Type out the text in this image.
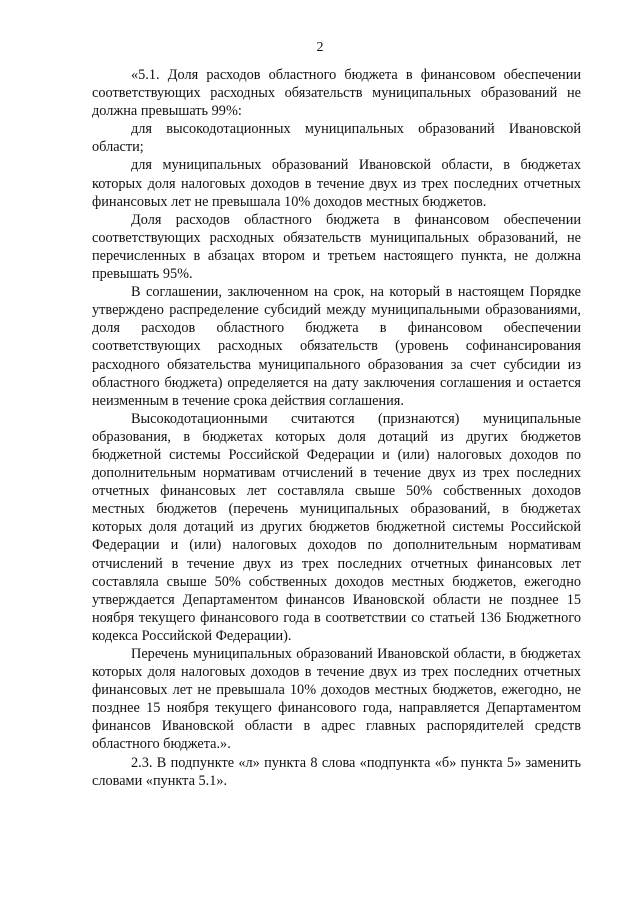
2

«5.1. Доля расходов областного бюджета в финансовом обеспечении соответствующих расходных обязательств муниципальных образований не должна превышать 99%:

для высокодотационных муниципальных образований Ивановской области;

для муниципальных образований Ивановской области, в бюджетах которых доля налоговых доходов в течение двух из трех последних отчетных финансовых лет не превышала 10% доходов местных бюджетов.

Доля расходов областного бюджета в финансовом обеспечении соответствующих расходных обязательств муниципальных образований, не перечисленных в абзацах втором и третьем настоящего пункта, не должна превышать 95%.

В соглашении, заключенном на срок, на который в настоящем Порядке утверждено распределение субсидий между муниципальными образованиями, доля расходов областного бюджета в финансовом обеспечении соответствующих расходных обязательств (уровень софинансирования расходного обязательства муниципального образования за счет субсидии из областного бюджета) определяется на дату заключения соглашения и остается неизменным в течение срока действия соглашения.

Высокодотационными считаются (признаются) муниципальные образования, в бюджетах которых доля дотаций из других бюджетов бюджетной системы Российской Федерации и (или) налоговых доходов по дополнительным нормативам отчислений в течение двух из трех последних отчетных финансовых лет составляла свыше 50% собственных доходов местных бюджетов (перечень муниципальных образований, в бюджетах которых доля дотаций из других бюджетов бюджетной системы Российской Федерации и (или) налоговых доходов по дополнительным нормативам отчислений в течение двух из трех последних отчетных финансовых лет составляла свыше 50% собственных доходов местных бюджетов, ежегодно утверждается Департаментом финансов Ивановской области не позднее 15 ноября текущего финансового года в соответствии со статьей 136 Бюджетного кодекса Российской Федерации).

Перечень муниципальных образований Ивановской области, в бюджетах которых доля налоговых доходов в течение двух из трех последних отчетных финансовых лет не превышала 10% доходов местных бюджетов, ежегодно, не позднее 15 ноября текущего финансового года, направляется Департаментом финансов Ивановской области в адрес главных распорядителей средств областного бюджета.».

2.3. В подпункте «л» пункта 8 слова «подпункта «б» пункта 5» заменить словами «пункта 5.1».
